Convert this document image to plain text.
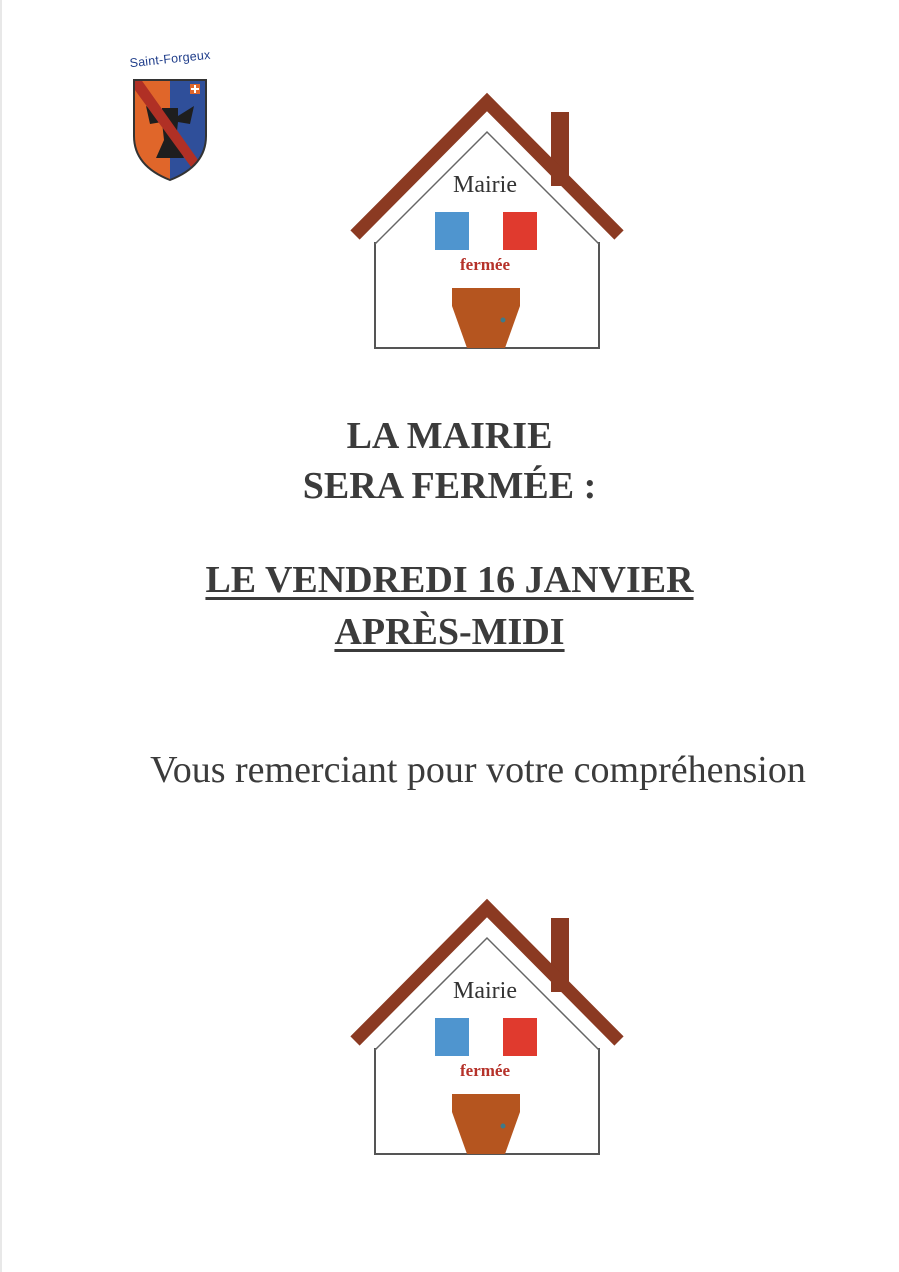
Saint-Forgeux
Mairie
fermée
LA MAIRIE
SERA FERMÉE :
LE VENDREDI 16 JANVIER
APRÈS-MIDI
Vous remerciant pour votre compréhension
Mairie
fermée
